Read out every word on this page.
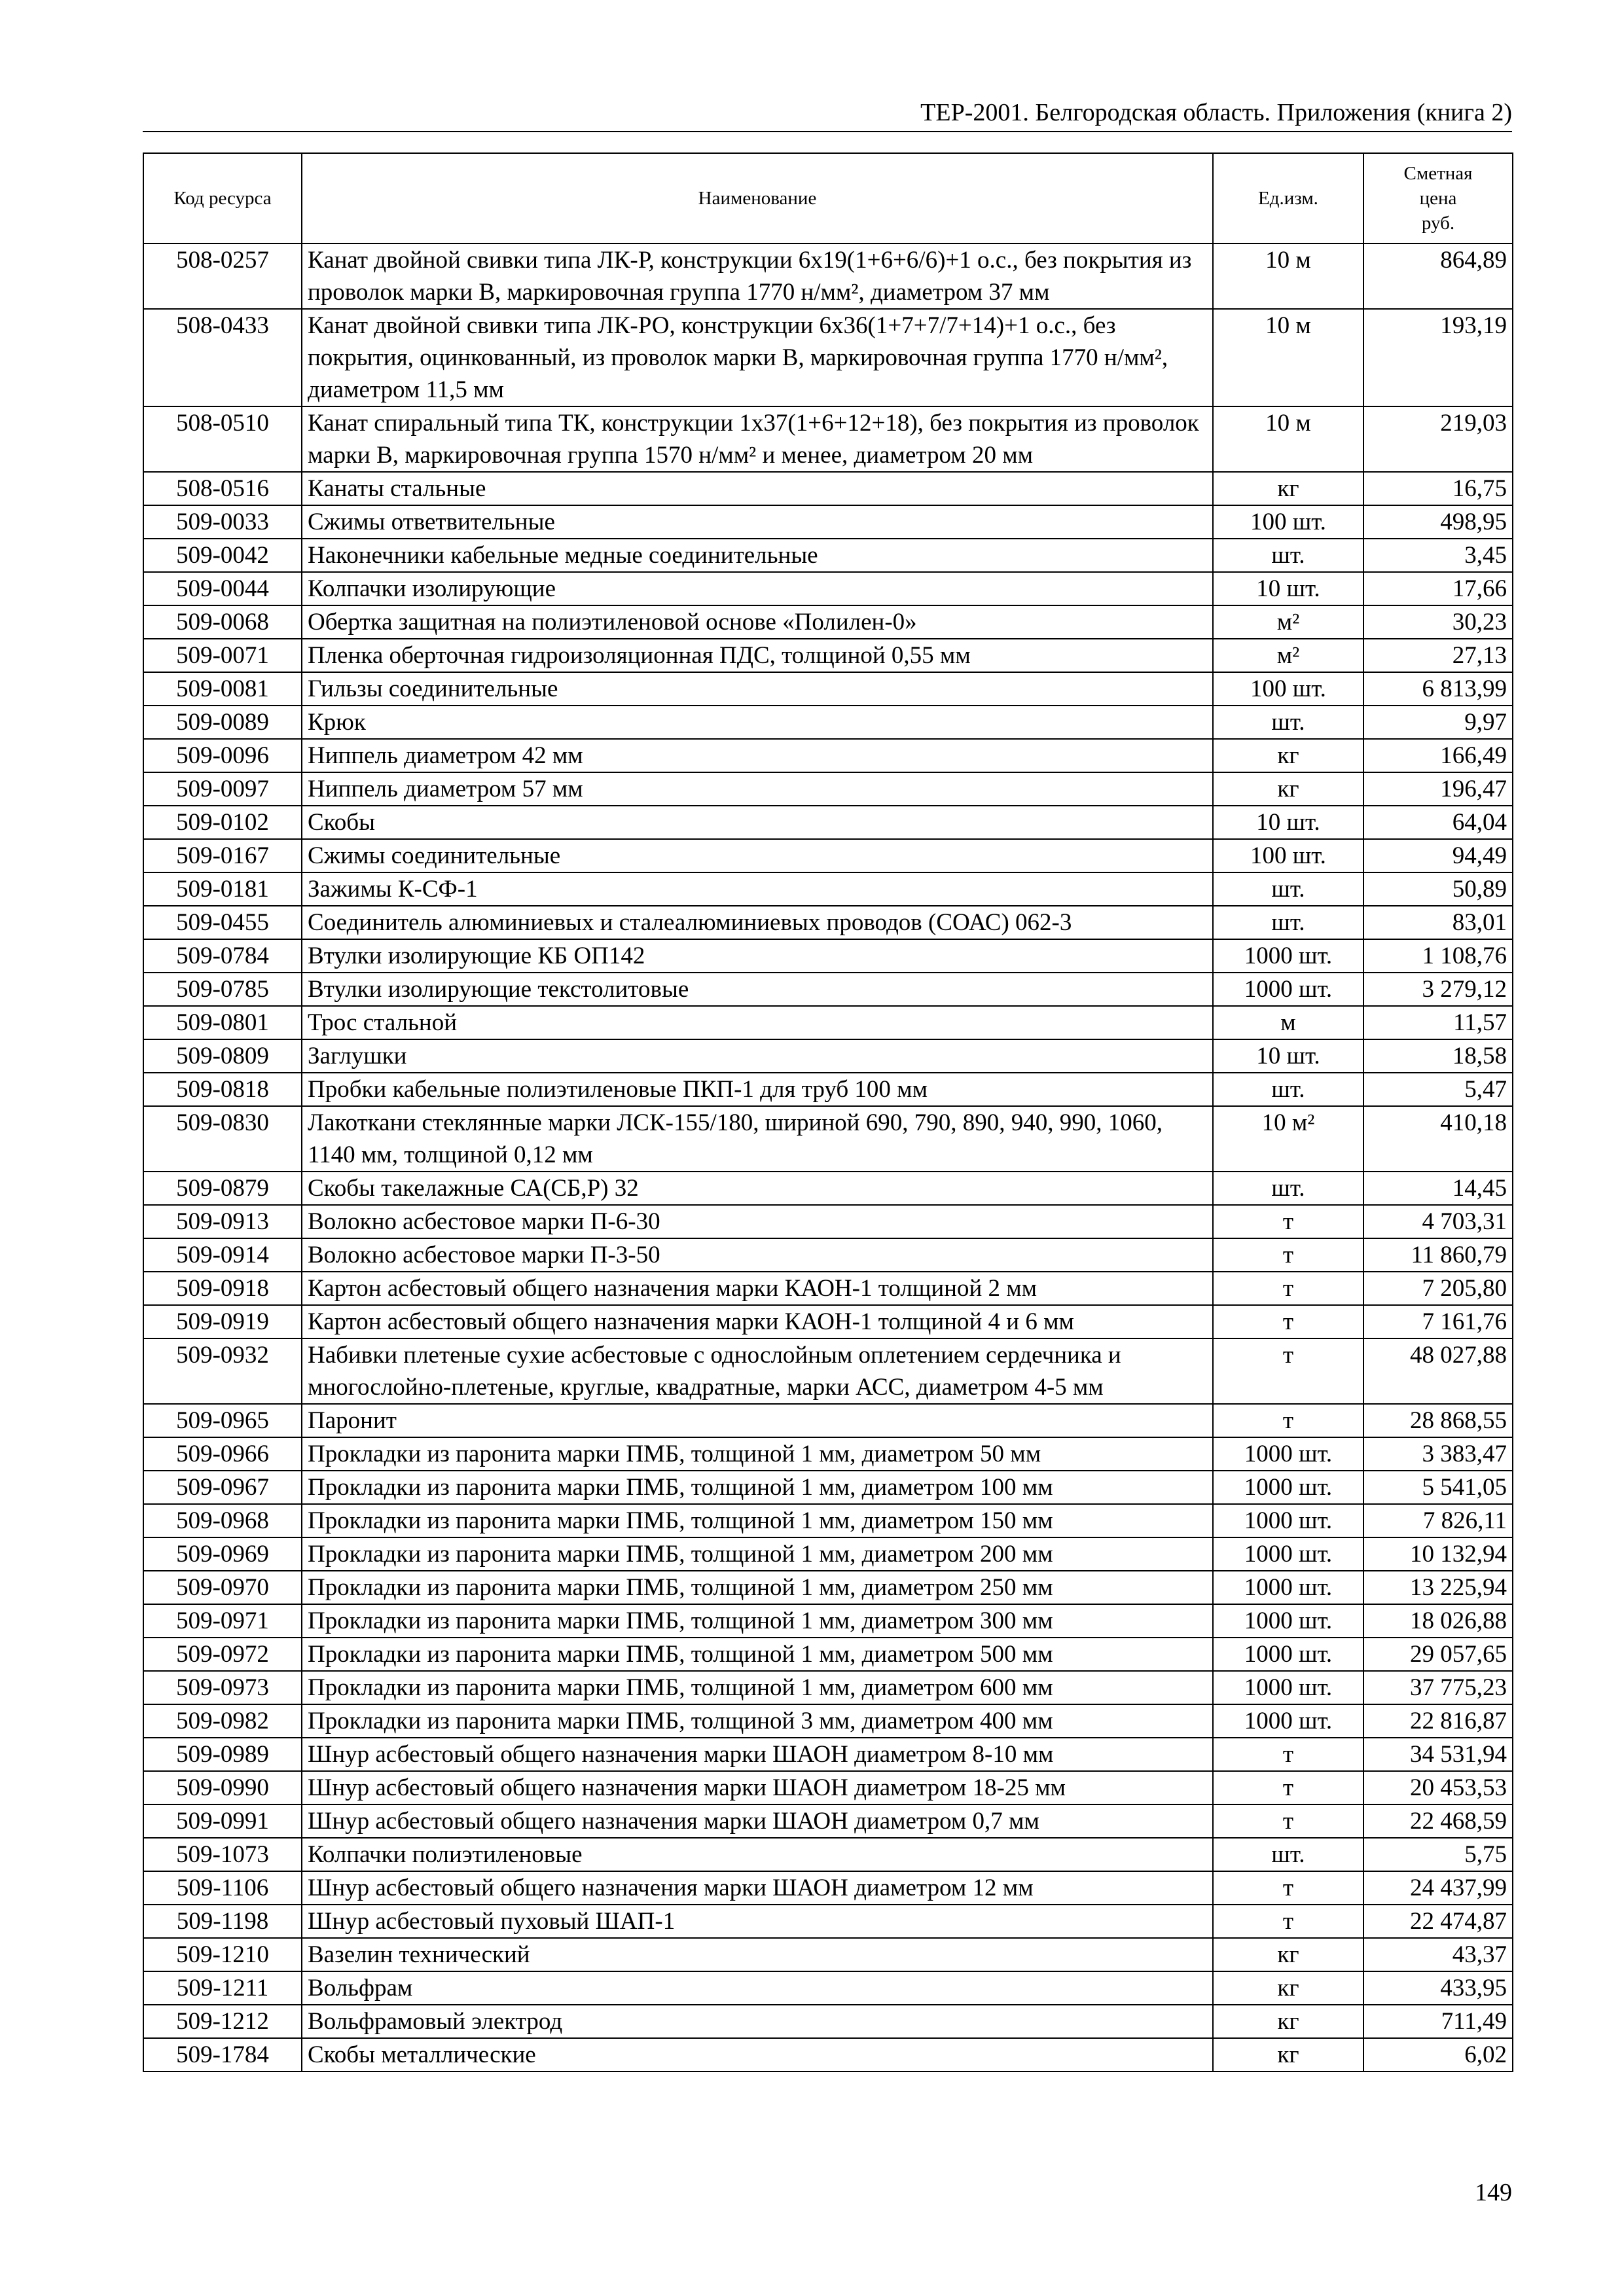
ТЕР-2001. Белгородская область. Приложения (книга 2)
Код ресурса	Наименование	Ед.изм.	Сметная
цена
руб.
508-0257	Канат двойной свивки типа ЛК-Р, конструкции 6х19(1+6+6/6)+1 о.с., без покрытия из проволок марки В, маркировочная группа 1770 н/мм², диаметром 37 мм	10 м	864,89
508-0433	Канат двойной свивки типа ЛК-РО, конструкции 6х36(1+7+7/7+14)+1 о.с., без покрытия, оцинкованный, из проволок марки В, маркировочная группа 1770 н/мм², диаметром 11,5 мм	10 м	193,19
508-0510	Канат спиральный типа ТК, конструкции 1х37(1+6+12+18), без покрытия из проволок марки В, маркировочная группа 1570 н/мм² и менее, диаметром 20 мм	10 м	219,03
508-0516	Канаты стальные	кг	16,75
509-0033	Сжимы ответвительные	100 шт.	498,95
509-0042	Наконечники кабельные медные соединительные	шт.	3,45
509-0044	Колпачки изолирующие	10 шт.	17,66
509-0068	Обертка защитная на полиэтиленовой основе «Полилен-0»	м²	30,23
509-0071	Пленка оберточная гидроизоляционная ПДС, толщиной 0,55 мм	м²	27,13
509-0081	Гильзы соединительные	100 шт.	6 813,99
509-0089	Крюк	шт.	9,97
509-0096	Ниппель диаметром 42 мм	кг	166,49
509-0097	Ниппель диаметром 57 мм	кг	196,47
509-0102	Скобы	10 шт.	64,04
509-0167	Сжимы соединительные	100 шт.	94,49
509-0181	Зажимы К-СФ-1	шт.	50,89
509-0455	Соединитель алюминиевых и сталеалюминиевых проводов (СОАС) 062-3	шт.	83,01
509-0784	Втулки изолирующие КБ ОП142	1000 шт.	1 108,76
509-0785	Втулки изолирующие текстолитовые	1000 шт.	3 279,12
509-0801	Трос стальной	м	11,57
509-0809	Заглушки	10 шт.	18,58
509-0818	Пробки кабельные полиэтиленовые ПКП-1 для труб 100 мм	шт.	5,47
509-0830	Лакоткани стеклянные марки ЛСК-155/180, шириной 690, 790, 890, 940, 990, 1060, 1140 мм, толщиной 0,12 мм	10 м²	410,18
509-0879	Скобы такелажные СА(СБ,Р) 32	шт.	14,45
509-0913	Волокно асбестовое марки П-6-30	т	4 703,31
509-0914	Волокно асбестовое марки П-3-50	т	11 860,79
509-0918	Картон асбестовый общего назначения марки КАОН-1 толщиной 2 мм	т	7 205,80
509-0919	Картон асбестовый общего назначения марки КАОН-1 толщиной 4 и 6 мм	т	7 161,76
509-0932	Набивки плетеные сухие асбестовые с однослойным оплетением сердечника и многослойно-плетеные, круглые, квадратные, марки АСС, диаметром 4-5 мм	т	48 027,88
509-0965	Паронит	т	28 868,55
509-0966	Прокладки из паронита марки ПМБ, толщиной 1 мм, диаметром 50 мм	1000 шт.	3 383,47
509-0967	Прокладки из паронита марки ПМБ, толщиной 1 мм, диаметром 100 мм	1000 шт.	5 541,05
509-0968	Прокладки из паронита марки ПМБ, толщиной 1 мм, диаметром 150 мм	1000 шт.	7 826,11
509-0969	Прокладки из паронита марки ПМБ, толщиной 1 мм, диаметром 200 мм	1000 шт.	10 132,94
509-0970	Прокладки из паронита марки ПМБ, толщиной 1 мм, диаметром 250 мм	1000 шт.	13 225,94
509-0971	Прокладки из паронита марки ПМБ, толщиной 1 мм, диаметром 300 мм	1000 шт.	18 026,88
509-0972	Прокладки из паронита марки ПМБ, толщиной 1 мм, диаметром 500 мм	1000 шт.	29 057,65
509-0973	Прокладки из паронита марки ПМБ, толщиной 1 мм, диаметром 600 мм	1000 шт.	37 775,23
509-0982	Прокладки из паронита марки ПМБ, толщиной 3 мм, диаметром 400 мм	1000 шт.	22 816,87
509-0989	Шнур асбестовый общего назначения марки ШАОН диаметром 8-10 мм	т	34 531,94
509-0990	Шнур асбестовый общего назначения марки ШАОН диаметром 18-25 мм	т	20 453,53
509-0991	Шнур асбестовый общего назначения марки ШАОН диаметром 0,7 мм	т	22 468,59
509-1073	Колпачки полиэтиленовые	шт.	5,75
509-1106	Шнур асбестовый общего назначения марки ШАОН диаметром 12 мм	т	24 437,99
509-1198	Шнур асбестовый пуховый ШАП-1	т	22 474,87
509-1210	Вазелин технический	кг	43,37
509-1211	Вольфрам	кг	433,95
509-1212	Вольфрамовый электрод	кг	711,49
509-1784	Скобы металлические	кг	6,02
149
